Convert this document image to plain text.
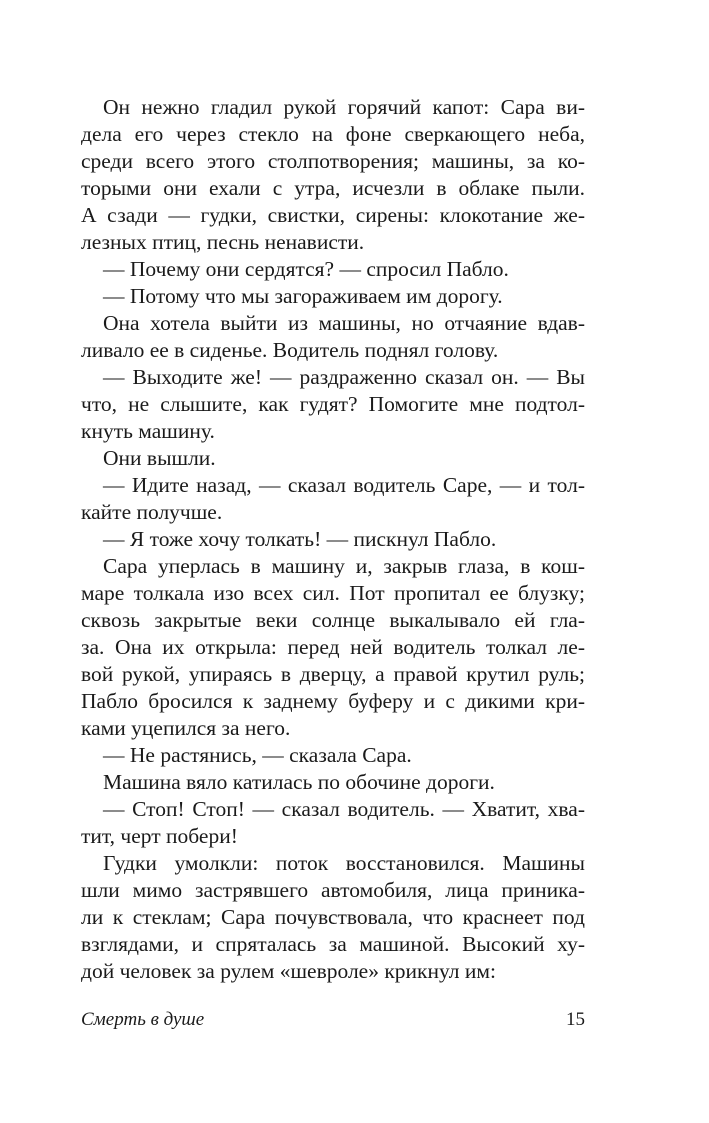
Он нежно гладил рукой горячий капот: Сара ви-
дела его через стекло на фоне сверкающего неба,
среди всего этого столпотворения; машины, за ко-
торыми они ехали с утра, исчезли в облаке пыли.
А сзади — гудки, свистки, сирены: клокотание же-
лезных птиц, песнь ненависти.
— Почему они сердятся? — спросил Пабло.
— Потому что мы загораживаем им дорогу.
Она хотела выйти из машины, но отчаяние вдав-
ливало ее в сиденье. Водитель поднял голову.
— Выходите же! — раздраженно сказал он. — Вы
что, не слышите, как гудят? Помогите мне подтол-
кнуть машину.
Они вышли.
— Идите назад, — сказал водитель Саре, — и тол-
кайте получше.
— Я тоже хочу толкать! — пискнул Пабло.
Сара уперлась в машину и, закрыв глаза, в кош-
маре толкала изо всех сил. Пот пропитал ее блузку;
сквозь закрытые веки солнце выкалывало ей гла-
за. Она их открыла: перед ней водитель толкал ле-
вой рукой, упираясь в дверцу, а правой крутил руль;
Пабло бросился к заднему буферу и с дикими кри-
ками уцепился за него.
— Не растянись, — сказала Сара.
Машина вяло катилась по обочине дороги.
— Стоп! Стоп! — сказал водитель. — Хватит, хва-
тит, черт побери!
Гудки умолкли: поток восстановился. Машины
шли мимо застрявшего автомобиля, лица приника-
ли к стеклам; Сара почувствовала, что краснеет под
взглядами, и спряталась за машиной. Высокий ху-
дой человек за рулем «шевроле» крикнул им:
Смерть в душе	15
